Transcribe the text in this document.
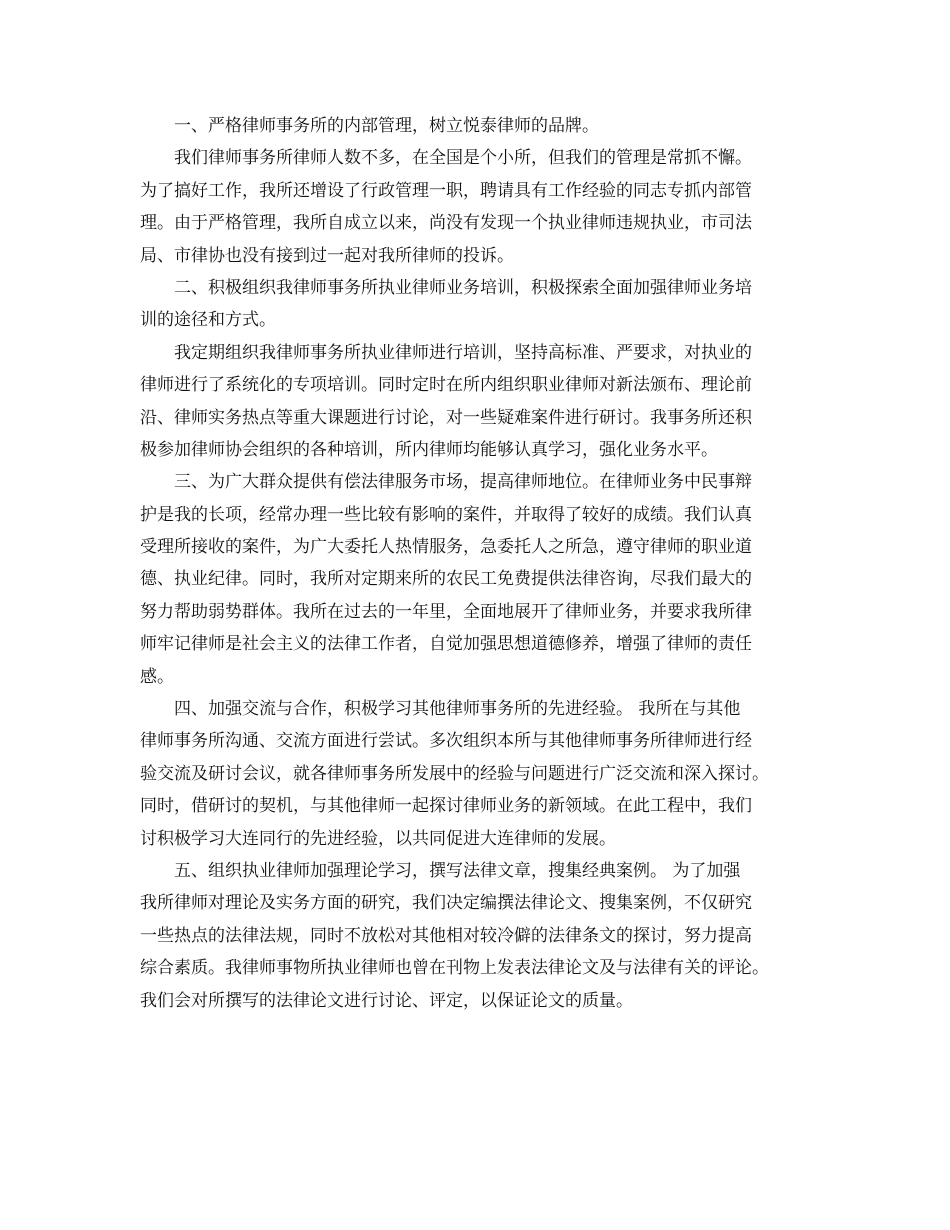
一、严格律师事务所的内部管理，树立悦泰律师的品牌。
我们律师事务所律师人数不多，在全国是个小所，但我们的管理是常抓不懈。
为了搞好工作，我所还增设了行政管理一职，聘请具有工作经验的同志专抓内部管
理。由于严格管理，我所自成立以来，尚没有发现一个执业律师违规执业，市司法
局、市律协也没有接到过一起对我所律师的投诉。
二、积极组织我律师事务所执业律师业务培训，积极探索全面加强律师业务培
训的途径和方式。
我定期组织我律师事务所执业律师进行培训，坚持高标准、严要求，对执业的
律师进行了系统化的专项培训。同时定时在所内组织职业律师对新法颁布、理论前
沿、律师实务热点等重大课题进行讨论，对一些疑难案件进行研讨。我事务所还积
极参加律师协会组织的各种培训，所内律师均能够认真学习，强化业务水平。
三、为广大群众提供有偿法律服务市场，提高律师地位。在律师业务中民事辩
护是我的长项，经常办理一些比较有影响的案件，并取得了较好的成绩。我们认真
受理所接收的案件，为广大委托人热情服务，急委托人之所急，遵守律师的职业道
德、执业纪律。同时，我所对定期来所的农民工免费提供法律咨询，尽我们最大的
努力帮助弱势群体。我所在过去的一年里，全面地展开了律师业务，并要求我所律
师牢记律师是社会主义的法律工作者，自觉加强思想道德修养，增强了律师的责任
感。
四、加强交流与合作，积极学习其他律师事务所的先进经验。 我所在与其他
律师事务所沟通、交流方面进行尝试。多次组织本所与其他律师事务所律师进行经
验交流及研讨会议，就各律师事务所发展中的经验与问题进行广泛交流和深入探讨。
同时，借研讨的契机，与其他律师一起探讨律师业务的新领域。在此工程中，我们
讨积极学习大连同行的先进经验，以共同促进大连律师的发展。
五、组织执业律师加强理论学习，撰写法律文章，搜集经典案例。 为了加强
我所律师对理论及实务方面的研究，我们决定编撰法律论文、搜集案例，不仅研究
一些热点的法律法规，同时不放松对其他相对较冷僻的法律条文的探讨，努力提高
综合素质。我律师事物所执业律师也曾在刊物上发表法律论文及与法律有关的评论。
我们会对所撰写的法律论文进行讨论、评定，以保证论文的质量。
